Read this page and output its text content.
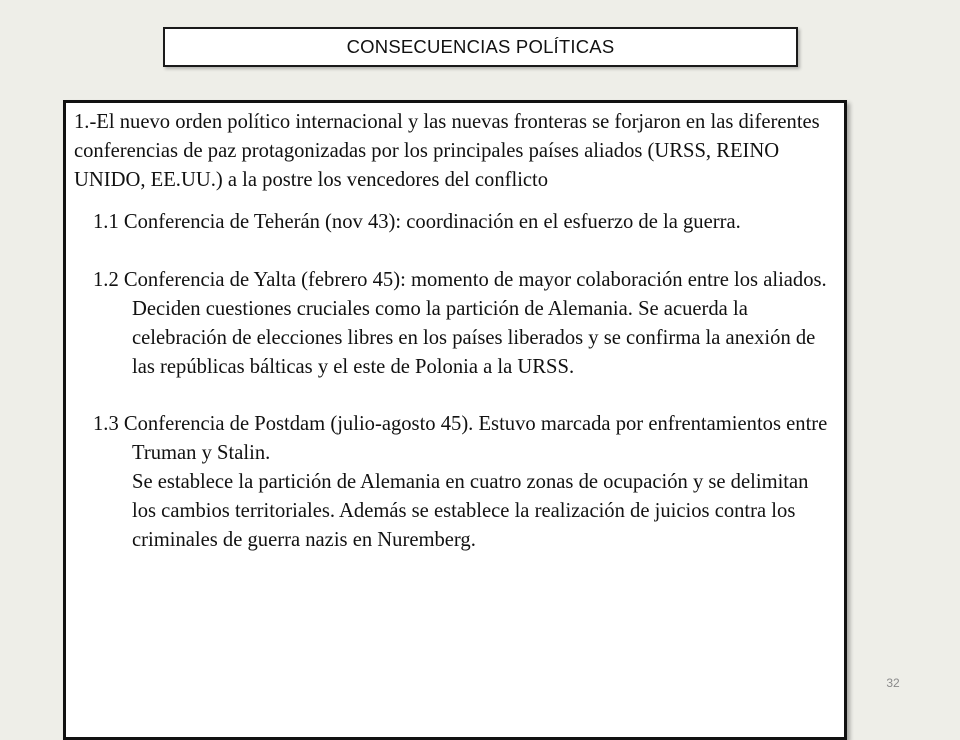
CONSECUENCIAS POLÍTICAS

1.-El nuevo orden político internacional y las nuevas fronteras se forjaron en las diferentes conferencias de paz protagonizadas por los principales países aliados (URSS, REINO UNIDO, EE.UU.) a la postre los vencedores del conflicto

1.1 Conferencia de Teherán (nov 43): coordinación en el esfuerzo de la guerra.

1.2 Conferencia de Yalta (febrero 45): momento de mayor colaboración entre los aliados. Deciden cuestiones cruciales como la partición de Alemania. Se acuerda la celebración de elecciones libres en los países liberados y se confirma la anexión de las repúblicas bálticas y el este de Polonia a la URSS.

1.3 Conferencia de Postdam (julio-agosto 45). Estuvo marcada por enfrentamientos entre Truman y Stalin.

Se establece la partición de Alemania en cuatro zonas de ocupación y se delimitan los cambios territoriales. Además se establece la realización de juicios contra los criminales de guerra nazis en Nuremberg.

32
